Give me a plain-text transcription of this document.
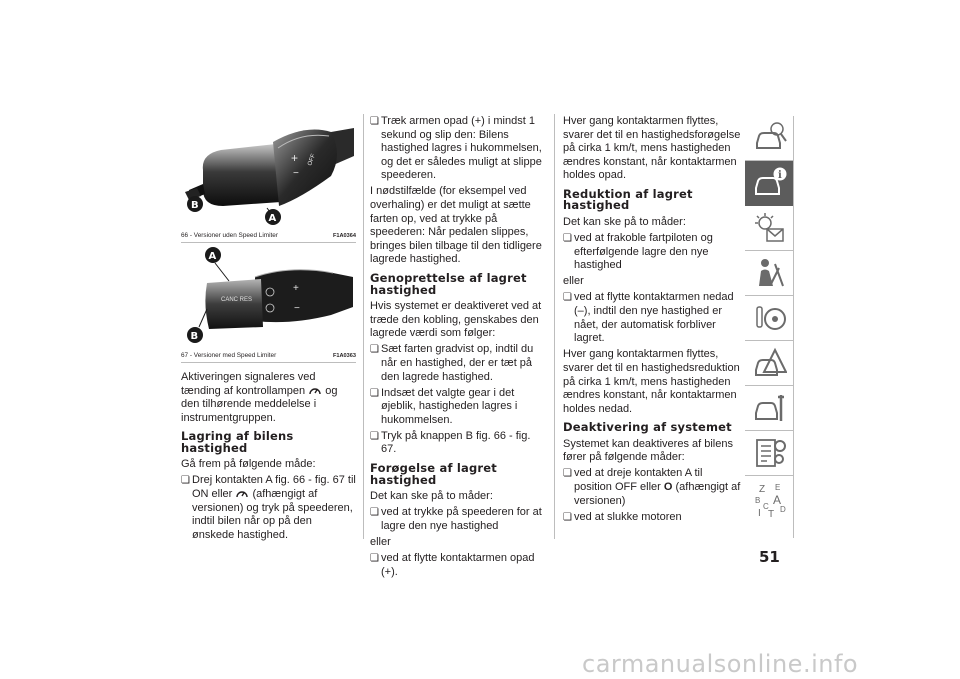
+
−
OFF
B
A
66 - Versioner uden Speed Limiter	F1A0364
CANC RES
+
−
A
B
67 - Versioner med Speed Limiter	F1A0363

Aktiveringen signaleres ved tænding af kontrollampen og den tilhørende meddelelse i instrumentgruppen.

Lagring af bilens hastighed

Gå frem på følgende måde:

❏ Drej kontakten A fig. 66 - fig. 67 til ON eller (afhængigt af versionen) og tryk på speederen, indtil bilen når op på den ønskede hastighed.
❏ Træk armen opad (+) i mindst 1 sekund og slip den: Bilens hastighed lagres i hukommelsen, og det er således muligt at slippe speederen.

I nødstilfælde (for eksempel ved overhaling) er det muligt at sætte farten op, ved at trykke på speederen: Når pedalen slippes, bringes bilen tilbage til den tidligere lagrede hastighed.

Genoprettelse af lagret hastighed

Hvis systemet er deaktiveret ved at træde den kobling, genskabes den lagrede værdi som følger:

❏ Sæt farten gradvist op, indtil du når en hastighed, der er tæt på den lagrede hastighed.
❏ Indsæt det valgte gear i det øjeblik, hastigheden lagres i hukommelsen.
❏ Tryk på knappen B fig. 66 - fig. 67.
Forøgelse af lagret hastighed

Det kan ske på to måder:

❏ ved at trykke på speederen for at lagre den nye hastighed

eller

❏ ved at flytte kontaktarmen opad (+).

Hver gang kontaktarmen flyttes, svarer det til en hastighedsforøgelse på cirka 1 km/t, mens hastigheden ændres konstant, når kontaktarmen holdes opad.

Reduktion af lagret hastighed

Det kan ske på to måder:

❏ ved at frakoble fartpiloten og efterfølgende lagre den nye hastighed

eller

❏ ved at flytte kontaktarmen nedad (–), indtil den nye hastighed er nået, der automatisk forbliver lagret.

Hver gang kontaktarmen flyttes, svarer det til en hastighedsreduktion på cirka 1 km/t, mens hastigheden ændres konstant, når kontaktarmen holdes nedad.

Deaktivering af systemet

Systemet kan deaktiveres af bilens fører på følgende måder:

❏ ved at dreje kontakten A til position OFF eller O (afhængigt af versionen)
❏ ved at slukke motoren
i
Z E
B A
C
T D
I
51
carmanualsonline.info
